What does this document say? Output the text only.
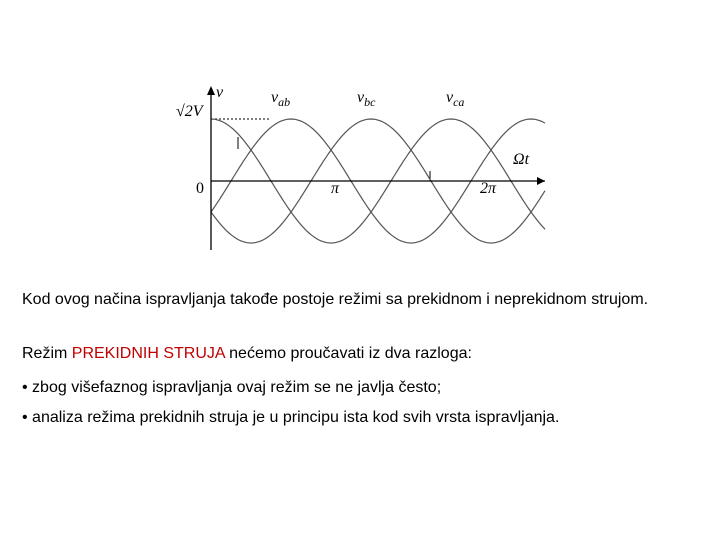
v
√2V
Ωt
0	π	2π
$v_{ab}$	$v_{bc}$	$v_{ca}$
Kod ovog načina ispravljanja takođe postoje režimi sa prekidnom i neprekidnom strujom.
Režim PREKIDNIH STRUJA nećemo proučavati iz dva razloga:
• zbog višefaznog ispravljanja ovaj režim se ne javlja često;
• analiza režima prekidnih struja je u principu ista kod svih vrsta ispravljanja.
